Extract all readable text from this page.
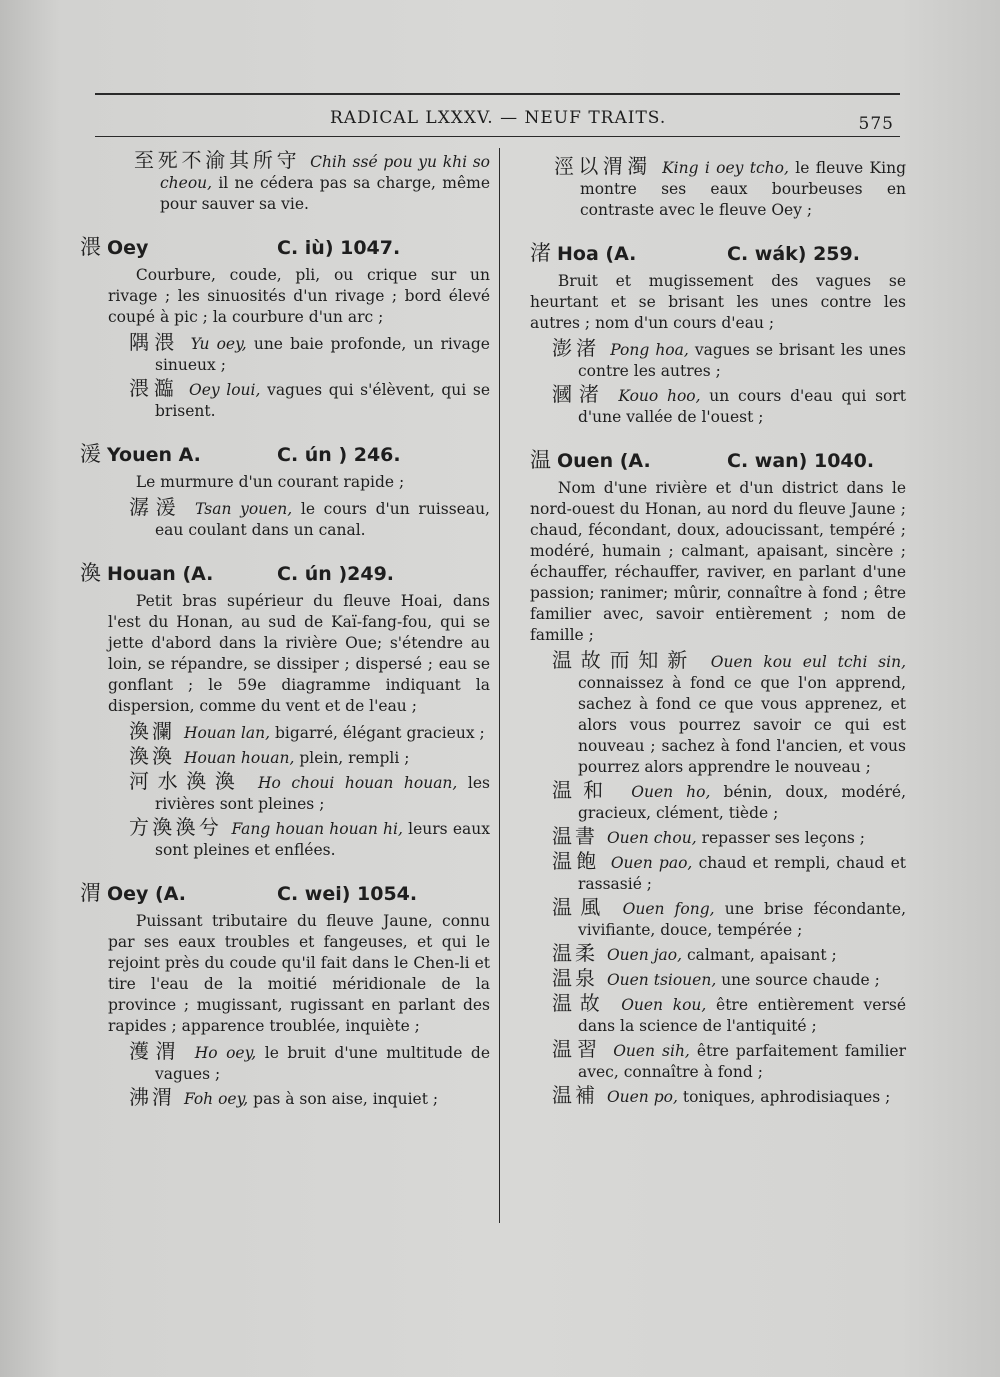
RADICAL LXXXV. — NEUF TRAITS.	575

至死不渝其所守 Chih ssé pou yu khi so cheou, il ne cédera pas sa charge, même pour sauver sa vie.

渨 Oey	C. iù) 1047.

Courbure, coude, pli, ou crique sur un rivage ; les sinuosités d'un rivage ; bord élevé coupé à pic ; la courbure d'un arc ;

隅渨 Yu oey, une baie profonde, un rivage sinueux ;

渨瀶 Oey loui, vagues qui s'élèvent, qui se brisent.

湲 Youen A.	C. ún ) 246.

Le murmure d'un courant rapide ;

潺湲 Tsan youen, le cours d'un ruisseau, eau coulant dans un canal.

渙 Houan (A.	C. ún )249.

Petit bras supérieur du fleuve Hoai, dans l'est du Honan, au sud de Kaï-fang-fou, qui se jette d'abord dans la rivière Oue; s'étendre au loin, se répandre, se dissiper ; dispersé ; eau se gonflant ; le 59e diagramme indiquant la dispersion, comme du vent et de l'eau ;

渙瀾 Houan lan, bigarré, élégant gracieux ;

渙渙 Houan houan, plein, rempli ;

河水渙渙 Ho choui houan houan, les rivières sont pleines ;

方渙渙兮 Fang houan houan hi, leurs eaux sont pleines et enflées.

渭 Oey (A.	C. wei) 1054.

Puissant tributaire du fleuve Jaune, connu par ses eaux troubles et fangeuses, et qui le rejoint près du coude qu'il fait dans le Chen-li et tire l'eau de la moitié méridionale de la province ; mugissant, rugissant en parlant des rapides ; apparence troublée, inquiète ;

濩渭 Ho oey, le bruit d'une multitude de vagues ;

沸渭 Foh oey, pas à son aise, inquiet ;

涇以渭濁 King i oey tcho, le fleuve King montre ses eaux bourbeuses en contraste avec le fleuve Oey ;

渚 Hoa (A.	C. wák) 259.

Bruit et mugissement des vagues se heurtant et se brisant les unes contre les autres ; nom d'un cours d'eau ;

澎渚 Pong hoa, vagues se brisant les unes contre les autres ;

漍渚 Kouo hoo, un cours d'eau qui sort d'une vallée de l'ouest ;

温 Ouen (A.	C. wan) 1040.

Nom d'une rivière et d'un district dans le nord-ouest du Honan, au nord du fleuve Jaune ; chaud, fécondant, doux, adoucissant, tempéré ; modéré, humain ; calmant, apaisant, sincère ; échauffer, réchauffer, raviver, en parlant d'une passion; ranimer; mûrir, connaître à fond ; être familier avec, savoir entièrement ; nom de famille ;

温故而知新 Ouen kou eul tchi sin, connaissez à fond ce que l'on apprend, sachez à fond ce que vous apprenez, et alors vous pourrez savoir ce qui est nouveau ; sachez à fond l'ancien, et vous pourrez alors apprendre le nouveau ;

温和 Ouen ho, bénin, doux, modéré, gracieux, clément, tiède ;

温書 Ouen chou, repasser ses leçons ;

温飽 Ouen pao, chaud et rempli, chaud et rassasié ;

温風 Ouen fong, une brise fécondante, vivifiante, douce, tempérée ;

温柔 Ouen jao, calmant, apaisant ;

温泉 Ouen tsiouen, une source chaude ;

温故 Ouen kou, être entièrement versé dans la science de l'antiquité ;

温習 Ouen sih, être parfaitement familier avec, connaître à fond ;

温補 Ouen po, toniques, aphrodisiaques ;
